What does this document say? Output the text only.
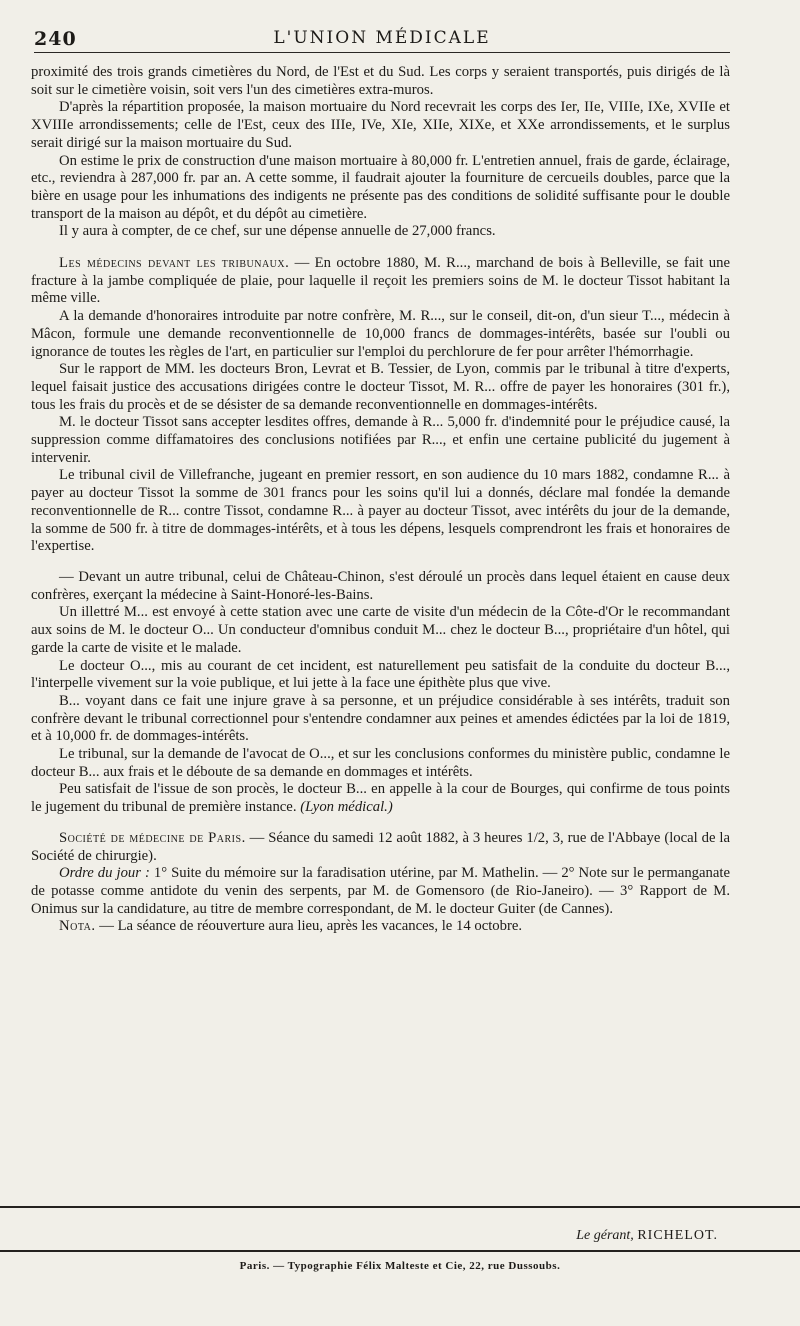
240	L'UNION MÉDICALE

proximité des trois grands cimetières du Nord, de l'Est et du Sud. Les corps y seraient transportés, puis dirigés de là soit sur le cimetière voisin, soit vers l'un des cimetières extra-muros.

D'après la répartition proposée, la maison mortuaire du Nord recevrait les corps des Ier, IIe, VIIIe, IXe, XVIIe et XVIIIe arrondissements; celle de l'Est, ceux des IIIe, IVe, XIe, XIIe, XIXe, et XXe arrondissements, et le surplus serait dirigé sur la maison mortuaire du Sud.

On estime le prix de construction d'une maison mortuaire à 80,000 fr. L'entretien annuel, frais de garde, éclairage, etc., reviendra à 287,000 fr. par an. A cette somme, il faudrait ajouter la fourniture de cercueils doubles, parce que la bière en usage pour les inhumations des indigents ne présente pas des conditions de solidité suffisante pour le double transport de la maison au dépôt, et du dépôt au cimetière.

Il y aura à compter, de ce chef, sur une dépense annuelle de 27,000 francs.

Les médecins devant les tribunaux. — En octobre 1880, M. R..., marchand de bois à Belleville, se fait une fracture à la jambe compliquée de plaie, pour laquelle il reçoit les premiers soins de M. le docteur Tissot habitant la même ville.

A la demande d'honoraires introduite par notre confrère, M. R..., sur le conseil, dit-on, d'un sieur T..., médecin à Mâcon, formule une demande reconventionnelle de 10,000 francs de dommages-intérêts, basée sur l'oubli ou ignorance de toutes les règles de l'art, en particulier sur l'emploi du perchlorure de fer pour arrêter l'hémorrhagie.

Sur le rapport de MM. les docteurs Bron, Levrat et B. Tessier, de Lyon, commis par le tribunal à titre d'experts, lequel faisait justice des accusations dirigées contre le docteur Tissot, M. R... offre de payer les honoraires (301 fr.), tous les frais du procès et de se désister de sa demande reconventionnelle en dommages-intérêts.

M. le docteur Tissot sans accepter lesdites offres, demande à R... 5,000 fr. d'indemnité pour le préjudice causé, la suppression comme diffamatoires des conclusions notifiées par R..., et enfin une certaine publicité du jugement à intervenir.

Le tribunal civil de Villefranche, jugeant en premier ressort, en son audience du 10 mars 1882, condamne R... à payer au docteur Tissot la somme de 301 francs pour les soins qu'il lui a donnés, déclare mal fondée la demande reconventionnelle de R... contre Tissot, condamne R... à payer au docteur Tissot, avec intérêts du jour de la demande, la somme de 500 fr. à titre de dommages-intérêts, et à tous les dépens, lesquels comprendront les frais et honoraires de l'expertise.

— Devant un autre tribunal, celui de Château-Chinon, s'est déroulé un procès dans lequel étaient en cause deux confrères, exerçant la médecine à Saint-Honoré-les-Bains.

Un illettré M... est envoyé à cette station avec une carte de visite d'un médecin de la Côte-d'Or le recommandant aux soins de M. le docteur O... Un conducteur d'omnibus conduit M... chez le docteur B..., propriétaire d'un hôtel, qui garde la carte de visite et le malade.

Le docteur O..., mis au courant de cet incident, est naturellement peu satisfait de la conduite du docteur B..., l'interpelle vivement sur la voie publique, et lui jette à la face une épithète plus que vive.

B... voyant dans ce fait une injure grave à sa personne, et un préjudice considérable à ses intérêts, traduit son confrère devant le tribunal correctionnel pour s'entendre condamner aux peines et amendes édictées par la loi de 1819, et à 10,000 fr. de dommages-intérêts.

Le tribunal, sur la demande de l'avocat de O..., et sur les conclusions conformes du ministère public, condamne le docteur B... aux frais et le déboute de sa demande en dommages et intérêts.

Peu satisfait de l'issue de son procès, le docteur B... en appelle à la cour de Bourges, qui confirme de tous points le jugement du tribunal de première instance. (Lyon médical.)

Société de médecine de Paris. — Séance du samedi 12 août 1882, à 3 heures 1/2, 3, rue de l'Abbaye (local de la Société de chirurgie).

Ordre du jour : 1° Suite du mémoire sur la faradisation utérine, par M. Mathelin. — 2° Note sur le permanganate de potasse comme antidote du venin des serpents, par M. de Gomensoro (de Rio-Janeiro). — 3° Rapport de M. Onimus sur la candidature, au titre de membre correspondant, de M. le docteur Guiter (de Cannes).

Nota. — La séance de réouverture aura lieu, après les vacances, le 14 octobre.

Le gérant, RICHELOT.
Paris. — Typographie Félix Malteste et Cie, 22, rue Dussoubs.
